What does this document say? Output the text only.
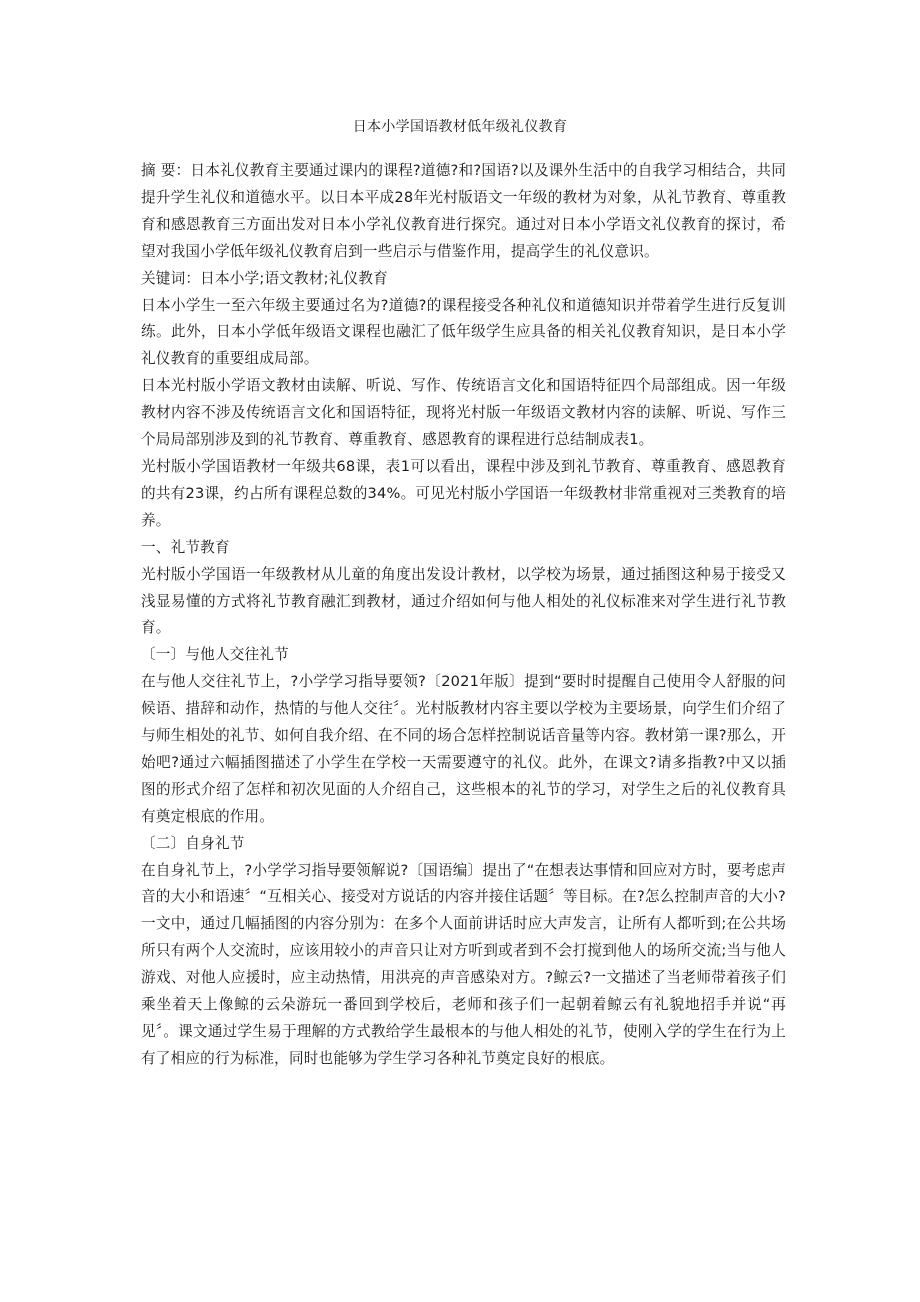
日本小学国语教材低年级礼仪教育

摘 要：日本礼仪教育主要通过课内的课程?道德?和?国语?以及课外生活中的自我学习相结合，共同提升学生礼仪和道德水平。以日本平成28年光村版语文一年级的教材为对象，从礼节教育、尊重教育和感恩教育三方面出发对日本小学礼仪教育进行探究。通过对日本小学语文礼仪教育的探讨，希望对我国小学低年级礼仪教育启到一些启示与借鉴作用，提高学生的礼仪意识。

关键词：日本小学;语文教材;礼仪教育

日本小学生一至六年级主要通过名为?道德?的课程接受各种礼仪和道德知识并带着学生进行反复训练。此外，日本小学低年级语文课程也融汇了低年级学生应具备的相关礼仪教育知识，是日本小学礼仪教育的重要组成局部。

日本光村版小学语文教材由读解、听说、写作、传统语言文化和国语特征四个局部组成。因一年级教材内容不涉及传统语言文化和国语特征，现将光村版一年级语文教材内容的读解、听说、写作三个局局部别涉及到的礼节教育、尊重教育、感恩教育的课程进行总结制成表1。

光村版小学国语教材一年级共68课，表1可以看出，课程中涉及到礼节教育、尊重教育、感恩教育的共有23课，约占所有课程总数的34%。可见光村版小学国语一年级教材非常重视对三类教育的培养。

一、礼节教育

光村版小学国语一年级教材从儿童的角度出发设计教材，以学校为场景，通过插图这种易于接受又浅显易懂的方式将礼节教育融汇到教材，通过介绍如何与他人相处的礼仪标准来对学生进行礼节教育。

〔一〕与他人交往礼节

在与他人交往礼节上，?小学学习指导要领?〔2021年版〕提到“要时时提醒自己使用令人舒服的问候语、措辞和动作，热情的与他人交往〞。光村版教材内容主要以学校为主要场景，向学生们介绍了与师生相处的礼节、如何自我介绍、在不同的场合怎样控制说话音量等内容。教材第一课?那么，开始吧?通过六幅插图描述了小学生在学校一天需要遵守的礼仪。此外，在课文?请多指教?中又以插图的形式介绍了怎样和初次见面的人介绍自己，这些根本的礼节的学习，对学生之后的礼仪教育具有奠定根底的作用。

〔二〕自身礼节

在自身礼节上，?小学学习指导要领解说?〔国语编〕提出了“在想表达事情和回应对方时，要考虑声音的大小和语速〞“互相关心、接受对方说话的内容并接住话题〞等目标。在?怎么控制声音的大小?一文中，通过几幅插图的内容分别为：在多个人面前讲话时应大声发言，让所有人都听到;在公共场所只有两个人交流时，应该用较小的声音只让对方听到或者到不会打搅到他人的场所交流;当与他人游戏、对他人应援时，应主动热情，用洪亮的声音感染对方。?鲸云?一文描述了当老师带着孩子们乘坐着天上像鲸的云朵游玩一番回到学校后，老师和孩子们一起朝着鲸云有礼貌地招手并说“再见〞。课文通过学生易于理解的方式教给学生最根本的与他人相处的礼节，使刚入学的学生在行为上有了相应的行为标准，同时也能够为学生学习各种礼节奠定良好的根底。
